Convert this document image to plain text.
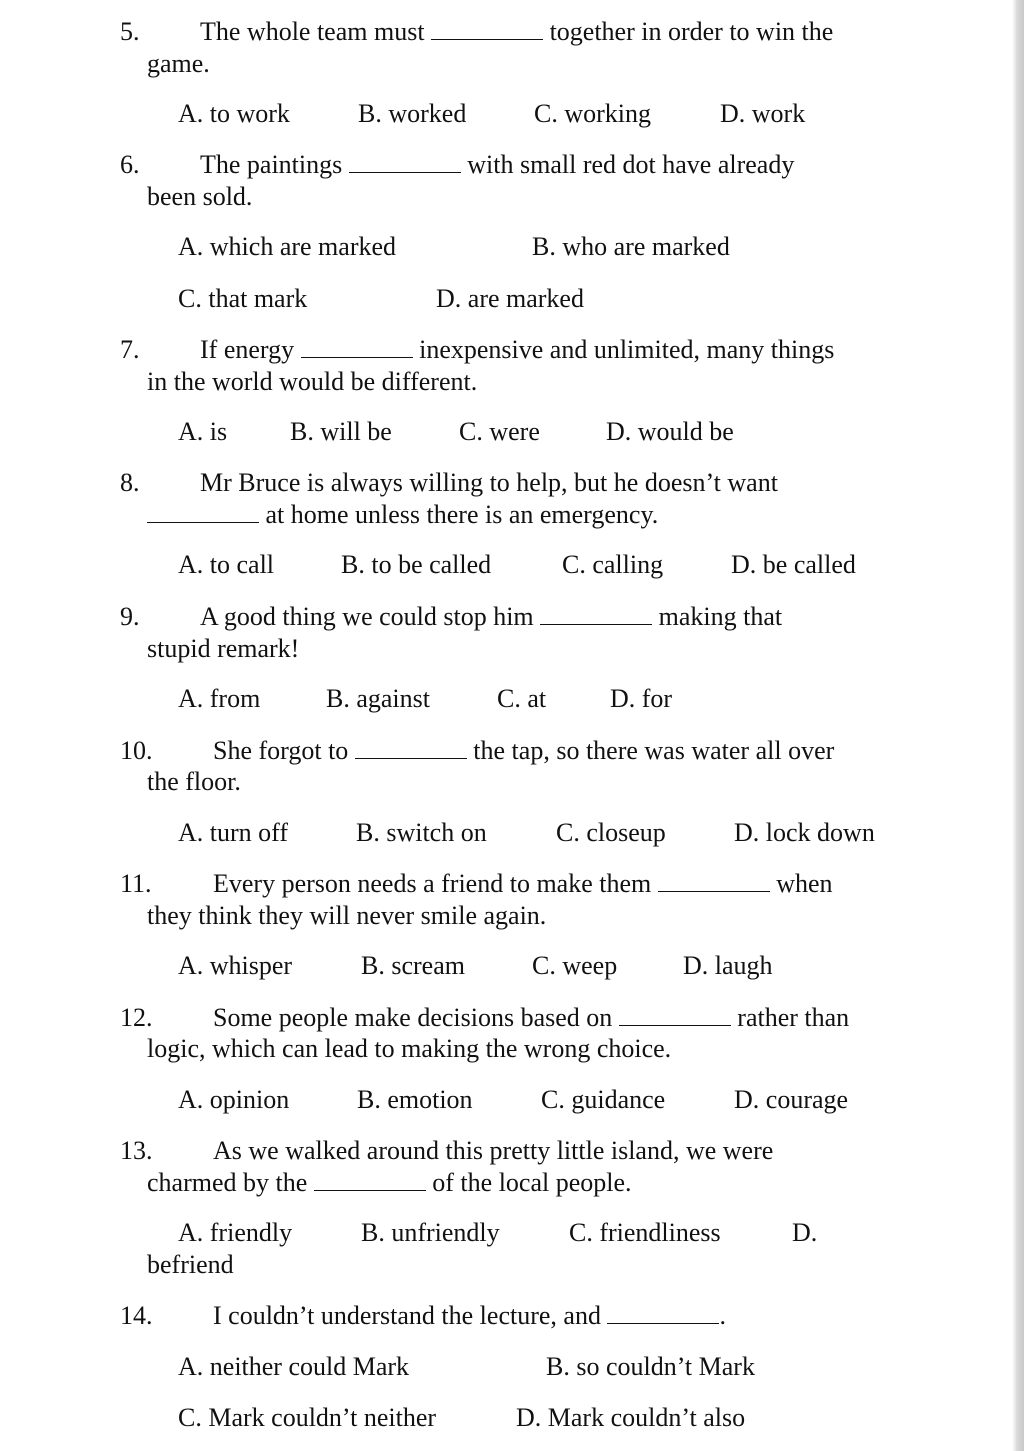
5. The whole team must	together in order to win the
game.
A. to work	B. worked	C. working	D. work
6. The paintings	with small red dot have already
been sold.
A. which are marked	B. who are marked
C. that mark	D. are marked
7. If energy	inexpensive and unlimited, many things
in the world would be different.
A. is B. will be	C. were	D. would be
8. Mr Bruce is always willing to help, but he doesn’t want
at home unless there is an emergency.
A. to call	B. to be called	C. calling	D. be called
9. A good thing we could stop him	making that
stupid remark!
A. from	B. against	C. at D. for
10. She forgot to	the tap, so there was water all over
the floor.
A. turn off	B. switch on	C. closeup	D. lock down
11. Every person needs a friend to make them	when
they think they will never smile again.
A. whisper	B. scream	C. weep	D. laugh
12. Some people make decisions based on	rather than
logic, which can lead to making the wrong choice.
A. opinion	B. emotion	C. guidance	D. courage
13. As we walked around this pretty little island, we were
charmed by the	of the local people.
A. friendly	B. unfriendly	C. friendliness	D.
befriend
14. I couldn’t understand the lecture, and	.
A. neither could Mark	B. so couldn’t Mark
C. Mark couldn’t neither	D. Mark couldn’t also
